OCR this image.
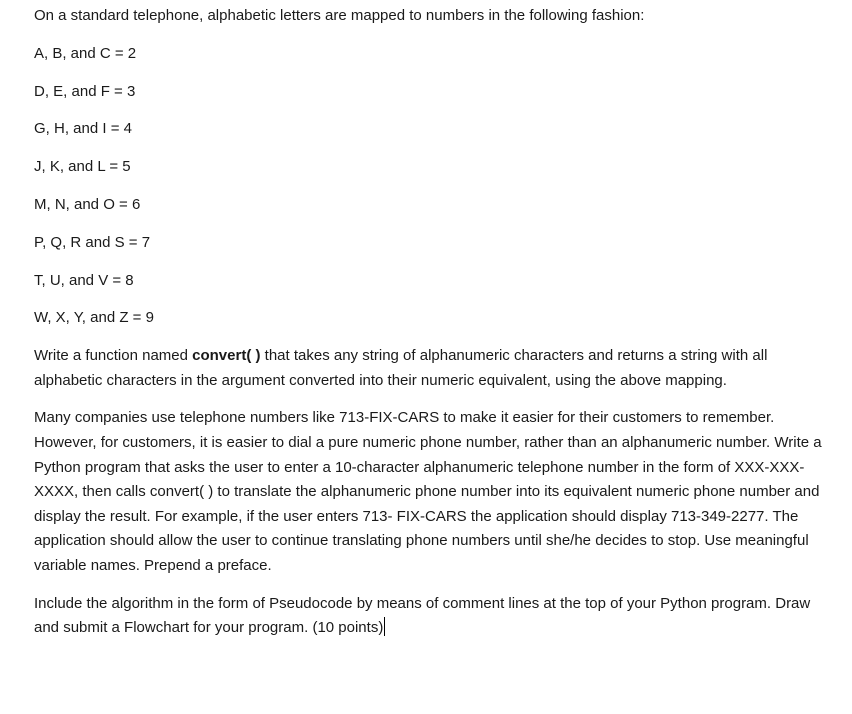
On a standard telephone, alphabetic letters are mapped to numbers in the following fashion:

A, B, and C = 2

D, E, and F = 3

G, H, and I = 4

J, K, and L = 5

M, N, and O = 6

P, Q, R and S = 7

T, U, and V = 8

W, X, Y, and Z = 9

Write a function named convert( ) that takes any string of alphanumeric characters and returns a string with all alphabetic characters in the argument converted into their numeric equivalent, using the above mapping.

Many companies use telephone numbers like 713-FIX-CARS to make it easier for their customers to remember. However, for customers, it is easier to dial a pure numeric phone number, rather than an alphanumeric number. Write a Python program that asks the user to enter a 10-character alphanumeric telephone number in the form of XXX-XXX-XXXX, then calls convert( ) to translate the alphanumeric phone number into its equivalent numeric phone number and display the result. For example, if the user enters 713- FIX-CARS the application should display 713-349-2277. The application should allow the user to continue translating phone numbers until she/he decides to stop. Use meaningful variable names. Prepend a preface.

Include the algorithm in the form of Pseudocode by means of comment lines at the top of your Python program. Draw and submit a Flowchart for your program. (10 points)
